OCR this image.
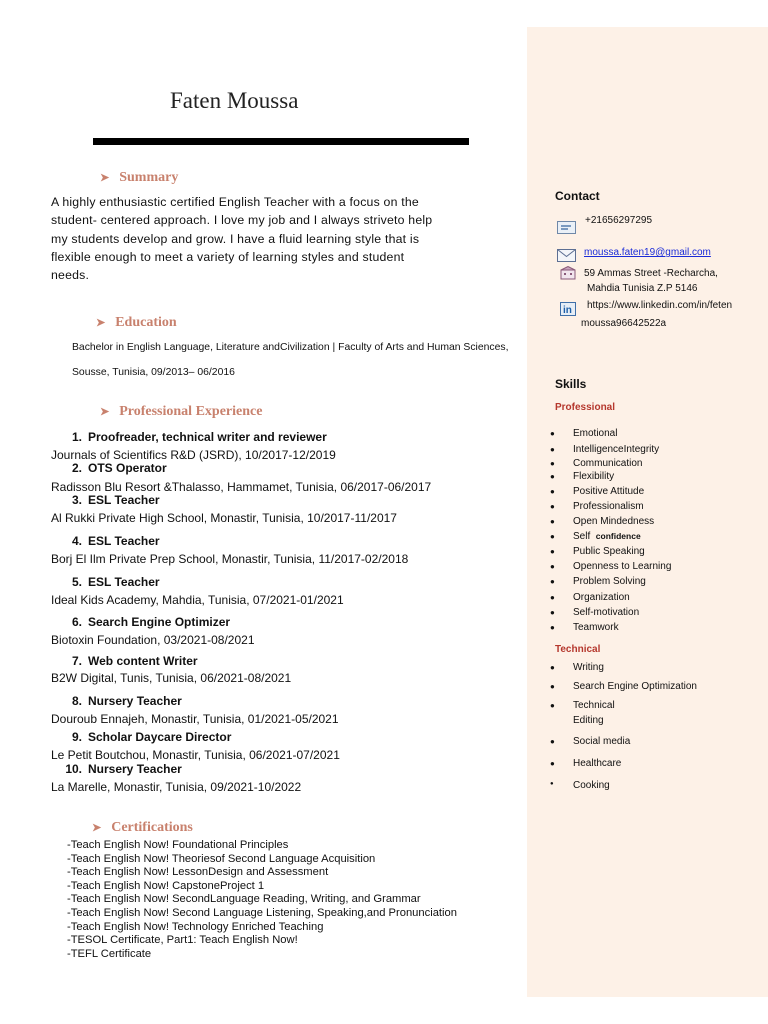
Faten Moussa
➤ Summary
A highly enthusiastic certified English Teacher with a focus on the
student- centered approach. I love my job and I always striveto help
my students develop and grow. I have a fluid learning style that is
flexible enough to meet a variety of learning styles and student
needs.
➤ Education
Bachelor in English Language, Literature andCivilization | Faculty of Arts and Human Sciences,
Sousse, Tunisia, 09/2013– 06/2016
➤ Professional Experience
1. Proofreader, technical writer and reviewer
Journals of Scientifics R&D (JSRD), 10/2017-12/2019
2. OTS Operator
Radisson Blu Resort &Thalasso, Hammamet, Tunisia, 06/2017-06/2017
3. ESL Teacher
Al Rukki Private High School, Monastir, Tunisia, 10/2017-11/2017
4. ESL Teacher
Borj El Ilm Private Prep School, Monastir, Tunisia, 11/2017-02/2018
5. ESL Teacher
Ideal Kids Academy, Mahdia, Tunisia, 07/2021-01/2021
6. Search Engine Optimizer
Biotoxin Foundation, 03/2021-08/2021
7. Web content Writer
B2W Digital, Tunis, Tunisia, 06/2021-08/2021
8. Nursery Teacher
Douroub Ennajeh, Monastir, Tunisia, 01/2021-05/2021
9. Scholar Daycare Director
Le Petit Boutchou, Monastir, Tunisia, 06/2021-07/2021
10. Nursery Teacher
La Marelle, Monastir, Tunisia, 09/2021-10/2022
➤ Certifications
-Teach English Now! Foundational Principles
-Teach English Now! Theoriesof Second Language Acquisition
-Teach English Now! LessonDesign and Assessment
-Teach English Now! CapstoneProject 1
-Teach English Now! SecondLanguage Reading, Writing, and Grammar
-Teach English Now! Second Language Listening, Speaking,and Pronunciation
-Teach English Now! Technology Enriched Teaching
-TESOL Certificate, Part1: Teach English Now!
-TEFL Certificate
Contact
+21656297295
moussa.faten19@gmail.com
59 Ammas Street -Recharcha,
Mahdia Tunisia Z.P 5146
in https://www.linkedin.com/in/feten
moussa96642522a
Skills
Professional
● Emotional
● IntelligenceIntegrity
● Communication
● Flexibility
● Positive Attitude
● Professionalism
● Open Mindedness
● Self confidence
● Public Speaking
● Openness to Learning
● Problem Solving
● Organization
● Self-motivation
● Teamwork
Technical
● Writing
● Search Engine Optimization
● Technical
Editing
● Social media
● Healthcare
● Cooking
